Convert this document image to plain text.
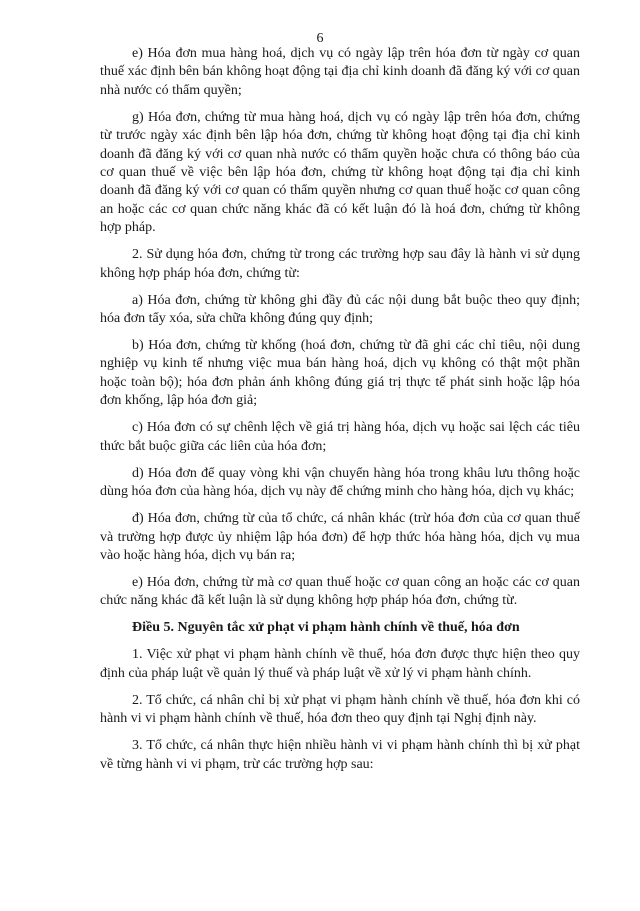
6

e) Hóa đơn mua hàng hoá, dịch vụ có ngày lập trên hóa đơn từ ngày cơ quan thuế xác định bên bán không hoạt động tại địa chỉ kinh doanh đã đăng ký với cơ quan nhà nước có thẩm quyền;

g) Hóa đơn, chứng từ mua hàng hoá, dịch vụ có ngày lập trên hóa đơn, chứng từ trước ngày xác định bên lập hóa đơn, chứng từ không hoạt động tại địa chỉ kinh doanh đã đăng ký với cơ quan nhà nước có thẩm quyền hoặc chưa có thông báo của cơ quan thuế về việc bên lập hóa đơn, chứng từ không hoạt động tại địa chỉ kinh doanh đã đăng ký với cơ quan có thẩm quyền nhưng cơ quan thuế hoặc cơ quan công an hoặc các cơ quan chức năng khác đã có kết luận đó là hoá đơn, chứng từ không hợp pháp.

2. Sử dụng hóa đơn, chứng từ trong các trường hợp sau đây là hành vi sử dụng không hợp pháp hóa đơn, chứng từ:

a) Hóa đơn, chứng từ không ghi đầy đủ các nội dung bắt buộc theo quy định; hóa đơn tẩy xóa, sửa chữa không đúng quy định;

b) Hóa đơn, chứng từ khống (hoá đơn, chứng từ đã ghi các chỉ tiêu, nội dung nghiệp vụ kinh tế nhưng việc mua bán hàng hoá, dịch vụ không có thật một phần hoặc toàn bộ); hóa đơn phản ánh không đúng giá trị thực tế phát sinh hoặc lập hóa đơn khống, lập hóa đơn giả;

c) Hóa đơn có sự chênh lệch về giá trị hàng hóa, dịch vụ hoặc sai lệch các tiêu thức bắt buộc giữa các liên của hóa đơn;

d) Hóa đơn để quay vòng khi vận chuyển hàng hóa trong khâu lưu thông hoặc dùng hóa đơn của hàng hóa, dịch vụ này để chứng minh cho hàng hóa, dịch vụ khác;

đ) Hóa đơn, chứng từ của tổ chức, cá nhân khác (trừ hóa đơn của cơ quan thuế và trường hợp được ủy nhiệm lập hóa đơn) để hợp thức hóa hàng hóa, dịch vụ mua vào hoặc hàng hóa, dịch vụ bán ra;

e) Hóa đơn, chứng từ mà cơ quan thuế hoặc cơ quan công an hoặc các cơ quan chức năng khác đã kết luận là sử dụng không hợp pháp hóa đơn, chứng từ.

Điều 5. Nguyên tắc xử phạt vi phạm hành chính về thuế, hóa đơn

1. Việc xử phạt vi phạm hành chính về thuế, hóa đơn được thực hiện theo quy định của pháp luật về quản lý thuế và pháp luật về xử lý vi phạm hành chính.

2. Tổ chức, cá nhân chỉ bị xử phạt vi phạm hành chính về thuế, hóa đơn khi có hành vi vi phạm hành chính về thuế, hóa đơn theo quy định tại Nghị định này.

3. Tổ chức, cá nhân thực hiện nhiều hành vi vi phạm hành chính thì bị xử phạt về từng hành vi vi phạm, trừ các trường hợp sau:
